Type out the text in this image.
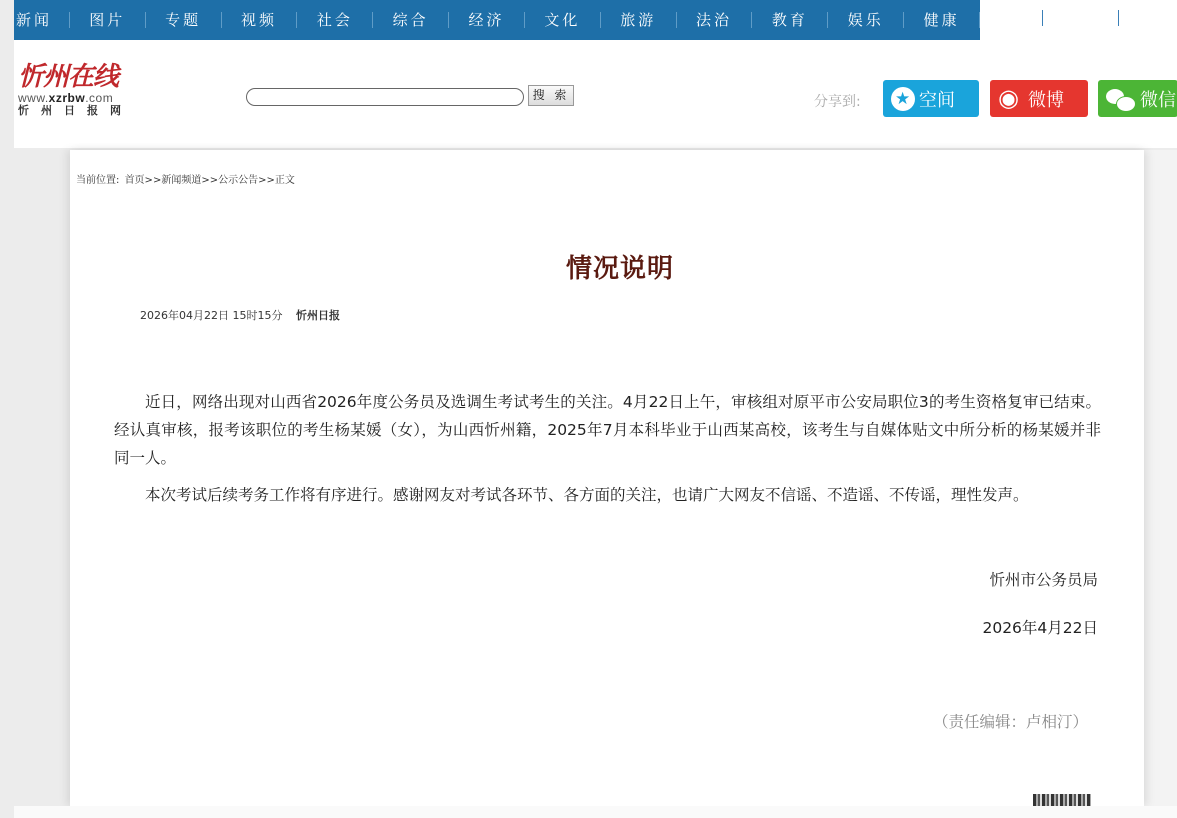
新闻	图片	专题	视频	社会	综合	经济	文化	旅游	法治	教育	娱乐	健康
忻州在线
www.xzrbw.com
忻州日报网
搜 索	分享到: ★	空间 ◉	微博	微信
当前位置: 首页>>新闻频道>>公示公告>>正文
情况说明
2026年04月22日 15时15分 忻州日报

近日，网络出现对山西省2026年度公务员及选调生考试考生的关注。4月22日上午，审核组对原平市公安局职位3的考生资格复审已结束。经认真审核，报考该职位的考生杨某媛（女），为山西忻州籍，2025年7月本科毕业于山西某高校，该考生与自媒体贴文中所分析的杨某媛并非同一人。

本次考试后续考务工作将有序进行。感谢网友对考试各环节、各方面的关注，也请广大网友不信谣、不造谣、不传谣，理性发声。

忻州市公务员局
2026年4月22日
（责任编辑：卢相汀）
